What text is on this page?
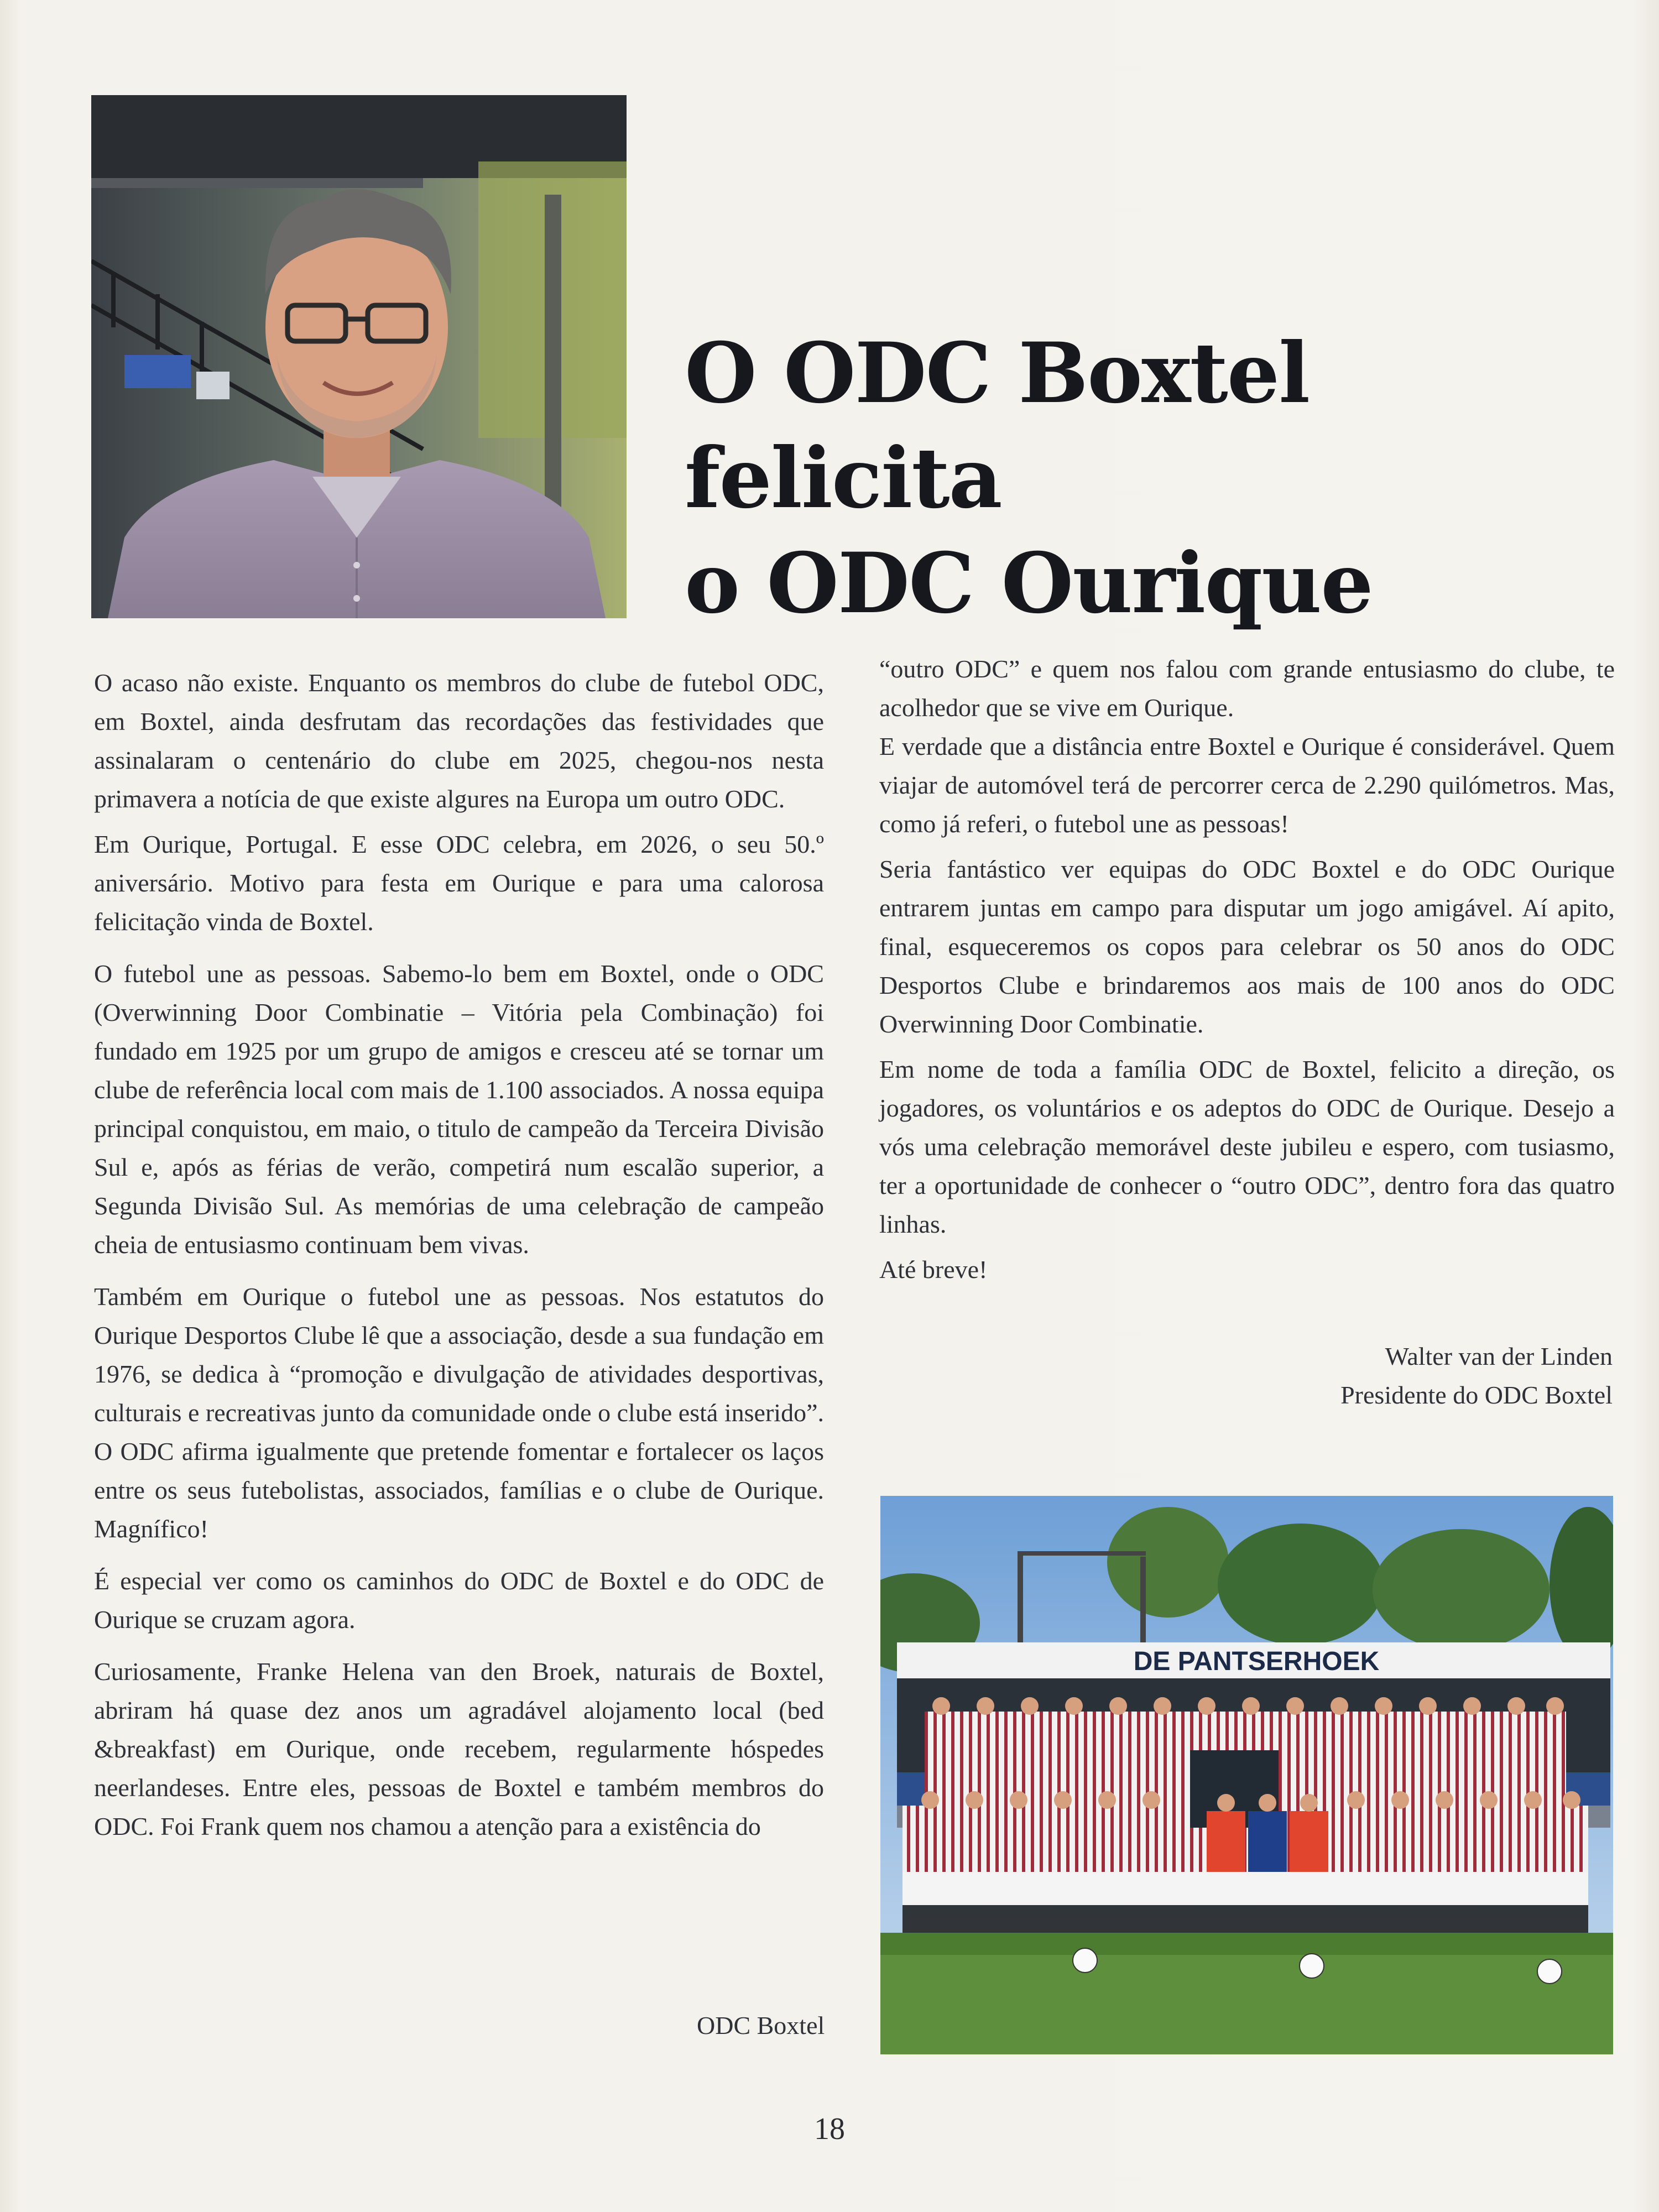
O ODC Boxtel felicita
o ODC Ourique

O acaso não existe. Enquanto os membros do clube de futebol ODC, em Boxtel, ainda desfrutam das recordações das festividades que assinalaram o centenário do clube em 2025, chegou-nos nesta primavera a notícia de que existe algures na Europa um outro ODC.

Em Ourique, Portugal. E esse ODC celebra, em 2026, o seu 50.º aniversário. Motivo para festa em Ourique e para uma calorosa felicitação vinda de Boxtel.

O futebol une as pessoas. Sabemo-lo bem em Boxtel, onde o ODC (Overwinning Door Combinatie – Vitória pela Combinação) foi fundado em 1925 por um grupo de amigos e cresceu até se tornar um clube de referência local com mais de 1.100 associados. A nossa equipa principal conquistou, em maio, o titulo de campeão da Terceira Divisão Sul e, após as férias de verão, competirá num escalão superior, a Segunda Divisão Sul. As memórias de uma celebração de campeão cheia de entusiasmo continuam bem vivas.

Também em Ourique o futebol une as pessoas. Nos estatutos do Ourique Desportos Clube lê que a associação, desde a sua fundação em 1976, se dedica à “promoção e divulgação de atividades desportivas, culturais e recreativas junto da comunidade onde o clube está inserido”. O ODC afirma igualmente que pretende fomentar e fortalecer os laços entre os seus futebolistas, associados, famílias e o clube de Ourique. Magnífico!

É especial ver como os caminhos do ODC de Boxtel e do ODC de Ourique se cruzam agora.

Curiosamente, Franke Helena van den Broek, naturais de Boxtel, abriram há quase dez anos um agradável alojamento local (bed &breakfast) em Ourique, onde recebem, regularmente hóspedes neerlandeses. Entre eles, pessoas de Boxtel e também membros do ODC. Foi Frank quem nos chamou a atenção para a existência do

“outro ODC” e quem nos falou com grande entusiasmo do clube, te acolhedor que se vive em Ourique.
E verdade que a distância entre Boxtel e Ourique é considerável. Quem viajar de automóvel terá de percorrer cerca de 2.290 quilómetros. Mas, como já referi, o futebol une as pessoas!

Seria fantástico ver equipas do ODC Boxtel e do ODC Ourique entrarem juntas em campo para disputar um jogo amigável. Aí apito, final, esqueceremos os copos para celebrar os 50 anos do ODC Desportos Clube e brindaremos aos mais de 100 anos do ODC Overwinning Door Combinatie.

Em nome de toda a família ODC de Boxtel, felicito a direção, os jogadores, os voluntários e os adeptos do ODC de Ourique. Desejo a vós uma celebração memorável deste jubileu e espero, com tusiasmo, ter a oportunidade de conhecer o “outro ODC”, dentro fora das quatro linhas.

Até breve!

Walter van der Linden
Presidente do ODC Boxtel
DE PANTSERHOEK
ODC Boxtel
18
